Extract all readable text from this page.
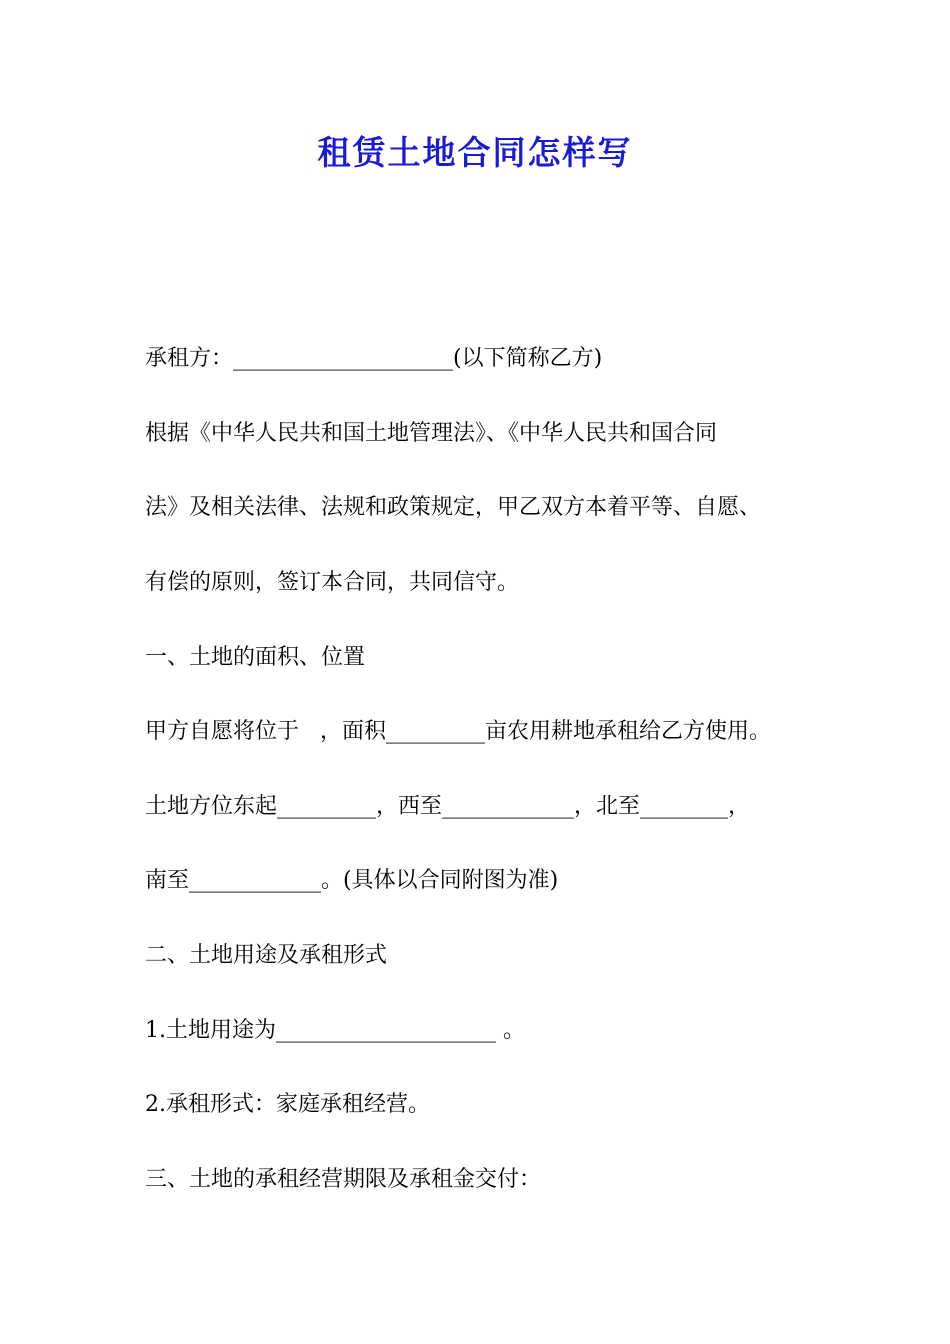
租赁土地合同怎样写
承租方：____________________(以下简称乙方)
根据《中华人民共和国土地管理法》、《中华人民共和国合同
法》及相关法律、法规和政策规定，甲乙双方本着平等、自愿、
有偿的原则，签订本合同，共同信守。
一、土地的面积、位置
甲方自愿将位于   ，面积_________亩农用耕地承租给乙方使用。
土地方位东起_________，西至____________，北至________，
南至____________。(具体以合同附图为准)
二、土地用途及承租形式
1.土地用途为____________________ 。
2.承租形式：家庭承租经营。
三、土地的承租经营期限及承租金交付：
